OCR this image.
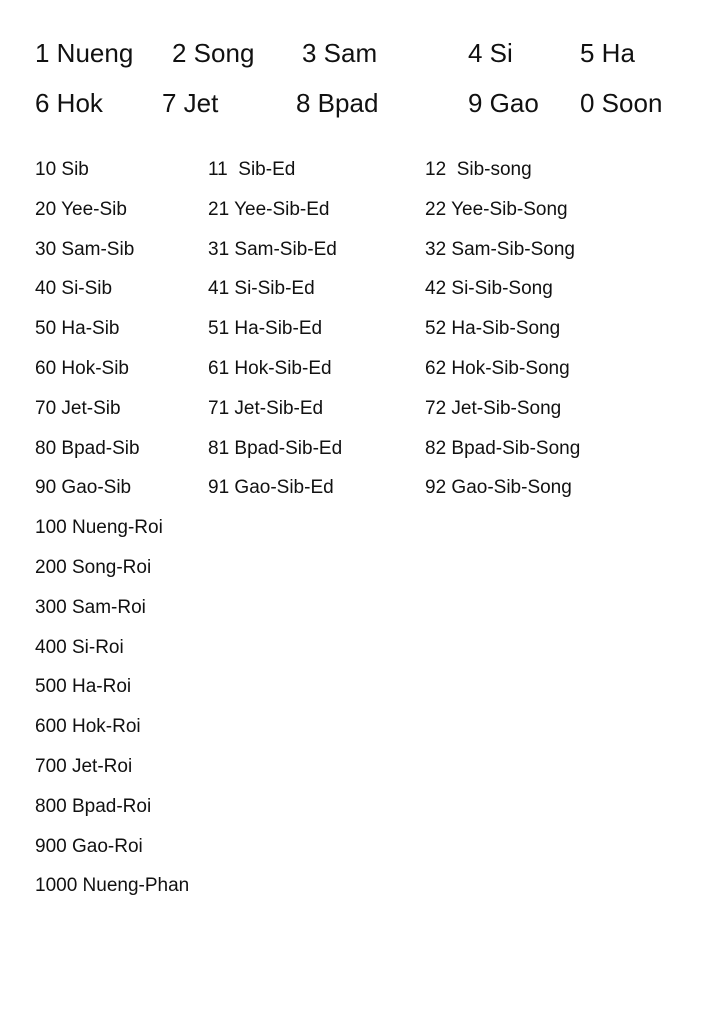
1 Nueng 2 Song 3 Sam	4 Si	5 Ha
6 Hok 7 Jet	8 Bpad	9 Gao 0 Soon
10 Sib	11  Sib-Ed	12  Sib-song
20 Yee-Sib	21 Yee-Sib-Ed	22 Yee-Sib-Song
30 Sam-Sib	31 Sam-Sib-Ed	32 Sam-Sib-Song
40 Si-Sib	41 Si-Sib-Ed	42 Si-Sib-Song
50 Ha-Sib	51 Ha-Sib-Ed	52 Ha-Sib-Song
60 Hok-Sib	61 Hok-Sib-Ed	62 Hok-Sib-Song
70 Jet-Sib	71 Jet-Sib-Ed	72 Jet-Sib-Song
80 Bpad-Sib	81 Bpad-Sib-Ed	82 Bpad-Sib-Song
90 Gao-Sib	91 Gao-Sib-Ed	92 Gao-Sib-Song
100 Nueng-Roi
200 Song-Roi
300 Sam-Roi
400 Si-Roi
500 Ha-Roi
600 Hok-Roi
700 Jet-Roi
800 Bpad-Roi
900 Gao-Roi
1000 Nueng-Phan
